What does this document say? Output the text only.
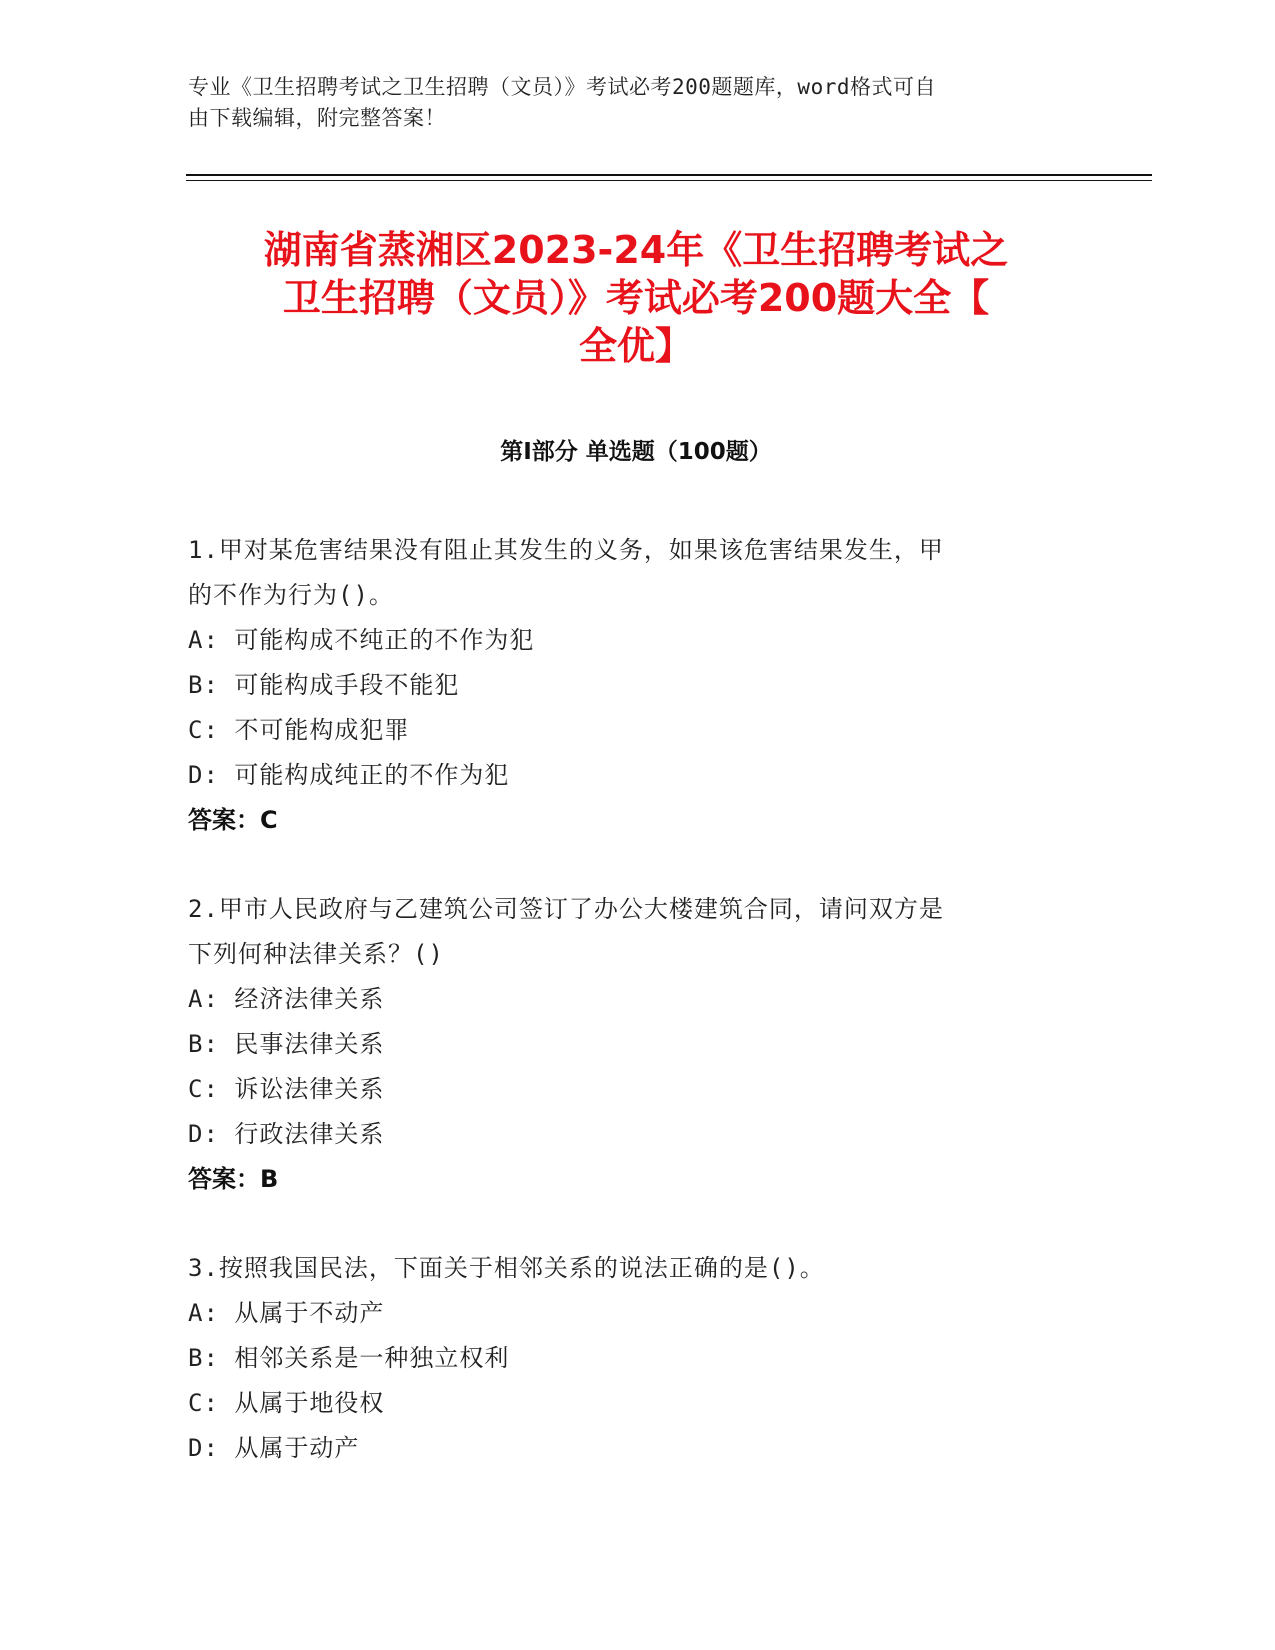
专业《卫生招聘考试之卫生招聘（文员）》考试必考200题题库，word格式可自
由下载编辑，附完整答案！
湖南省蒸湘区2023-24年《卫生招聘考试之
卫生招聘（文员）》考试必考200题大全【
全优】
第I部分 单选题（100题）

1.甲对某危害结果没有阻止其发生的义务，如果该危害结果发生，甲

的不作为行为()。

A: 可能构成不纯正的不作为犯

B: 可能构成手段不能犯

C: 不可能构成犯罪

D: 可能构成纯正的不作为犯

答案：C

2.甲市人民政府与乙建筑公司签订了办公大楼建筑合同，请问双方是

下列何种法律关系？()

A: 经济法律关系

B: 民事法律关系

C: 诉讼法律关系

D: 行政法律关系

答案：B

3.按照我国民法，下面关于相邻关系的说法正确的是()。

A: 从属于不动产

B: 相邻关系是一种独立权利

C: 从属于地役权

D: 从属于动产
